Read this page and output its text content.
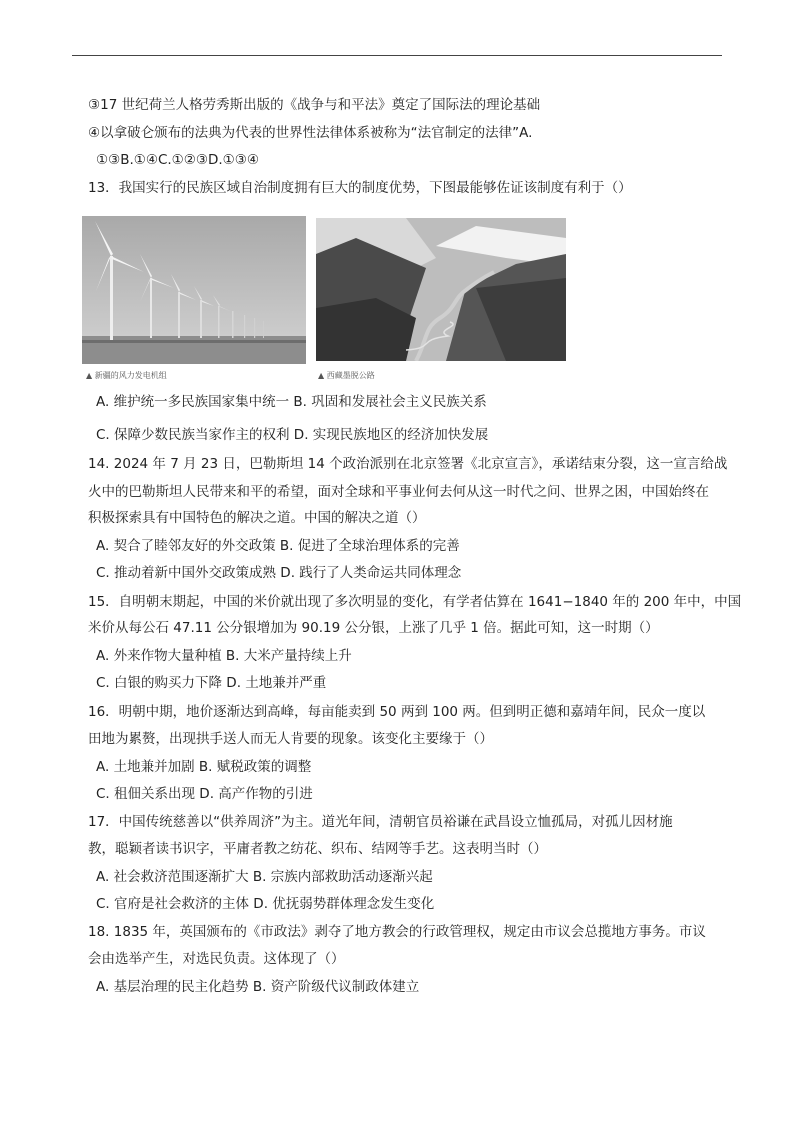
③17 世纪荷兰人格劳秀斯出版的《战争与和平法》奠定了国际法的理论基础
④以拿破仑颁布的法典为代表的世界性法律体系被称为“法官制定的法律”A.
①③B.①④C.①②③D.①③④
13．我国实行的民族区域自治制度拥有巨大的制度优势，下图最能够佐证该制度有利于（）
▲ 新疆的风力发电机组	▲ 西藏墨脱公路
A. 维护统一多民族国家集中统一 B. 巩固和发展社会主义民族关系
C. 保障少数民族当家作主的权利 D. 实现民族地区的经济加快发展
14. 2024 年 7 月 23 日，巴勒斯坦 14 个政治派别在北京签署《北京宣言》，承诺结束分裂，这一宣言给战
火中的巴勒斯坦人民带来和平的希望，面对全球和平事业何去何从这一时代之问、世界之困，中国始终在
积极探索具有中国特色的解决之道。中国的解决之道（）
A. 契合了睦邻友好的外交政策 B. 促进了全球治理体系的完善
C. 推动着新中国外交政策成熟 D. 践行了人类命运共同体理念
15．自明朝末期起，中国的米价就出现了多次明显的变化，有学者估算在 1641−1840 年的 200 年中，中国
米价从每公石 47.11 公分银增加为 90.19 公分银，上涨了几乎 1 倍。据此可知，这一时期（）
A. 外来作物大量种植 B. 大米产量持续上升
C. 白银的购买力下降 D. 土地兼并严重
16．明朝中期，地价逐渐达到高峰，每亩能卖到 50 两到 100 两。但到明正德和嘉靖年间，民众一度以
田地为累赘，出现拱手送人而无人肯要的现象。该变化主要缘于（）
A. 土地兼并加剧 B. 赋税政策的调整
C. 租佃关系出现 D. 高产作物的引进
17．中国传统慈善以“供养周济”为主。道光年间，清朝官员裕谦在武昌设立恤孤局，对孤儿因材施
教，聪颖者读书识字，平庸者教之纺花、织布、结网等手艺。这表明当时（）
A. 社会救济范围逐渐扩大 B. 宗族内部救助活动逐渐兴起
C. 官府是社会救济的主体 D. 优抚弱势群体理念发生变化
18. 1835 年，英国颁布的《市政法》剥夺了地方教会的行政管理权，规定由市议会总揽地方事务。市议
会由选举产生，对选民负责。这体现了（）
A. 基层治理的民主化趋势 B. 资产阶级代议制政体建立
